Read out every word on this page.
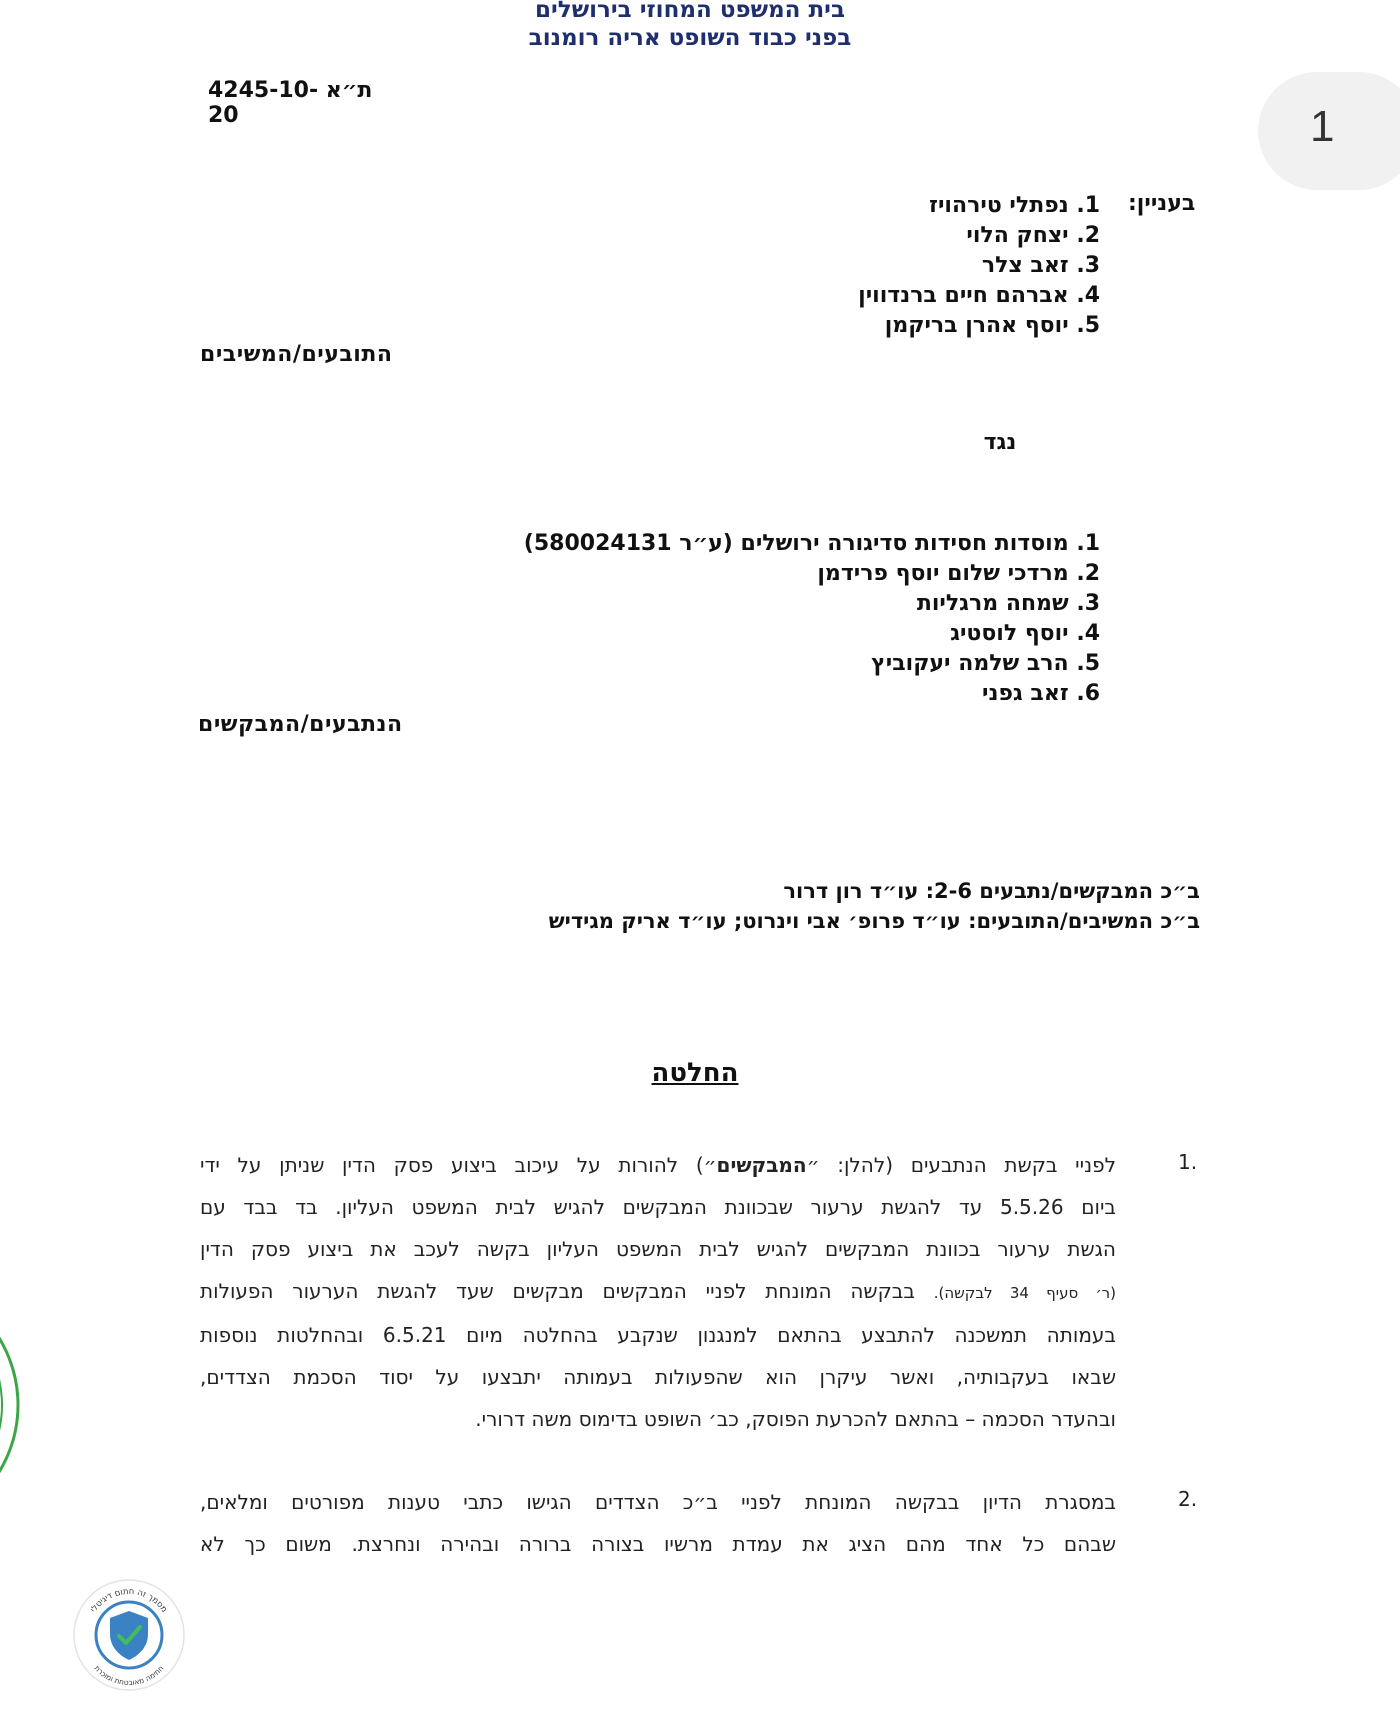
בית המשפט המחוזי בירושלים
בפני כבוד השופט אריה רומנוב
ת״א 4245-10-20	1
בעניין:
1. נפתלי טירהויז
2. יצחק הלוי
3. זאב צלר
4. אברהם חיים ברנדווין
5. יוסף אהרן בריקמן
התובעים/המשיבים
נגד
1. מוסדות חסידות סדיגורה ירושלים (ע״ר 580024131)
2. מרדכי שלום יוסף פרידמן
3. שמחה מרגליות
4. יוסף לוסטיג
5. הרב שלמה יעקוביץ
6. זאב גפני
הנתבעים/המבקשים
ב״כ המבקשים/נתבעים 2-6: עו״ד רון דרור
ב״כ המשיבים/התובעים: עו״ד פרופ׳ אבי וינרוט; עו״ד אריק מגידיש
החלטה
.1
לפניי בקשת הנתבעים (להלן: ״המבקשים״) להורות על עיכוב ביצוע פסק הדין שניתן על ידי
ביום 5.5.26 עד להגשת ערעור שבכוונת המבקשים להגיש לבית המשפט העליון. בד בבד עם
הגשת ערעור בכוונת המבקשים להגיש לבית המשפט העליון בקשה לעכב את ביצוע פסק הדין
(ר׳ סעיף 34 לבקשה). בבקשה המונחת לפניי המבקשים מבקשים שעד להגשת הערעור הפעולות
בעמותה תמשכנה להתבצע בהתאם למנגנון שנקבע בהחלטה מיום 6.5.21 ובהחלטות נוספות
שבאו בעקבותיה, ואשר עיקרן הוא שהפעולות בעמותה יתבצעו על יסוד הסכמת הצדדים,
ובהעדר הסכמה – בהתאם להכרעת הפוסק, כב׳ השופט בדימוס משה דרורי.
.2
במסגרת הדיון בבקשה המונחת לפניי ב״כ הצדדים הגישו כתבי טענות מפורטים ומלאים,
שבהם כל אחד מהם הציג את עמדת מרשיו בצורה ברורה ובהירה ונחרצת. משום כך לא
מסמך זה חתום דיגיטלי
חתימה מאובטחת ומוכרת
